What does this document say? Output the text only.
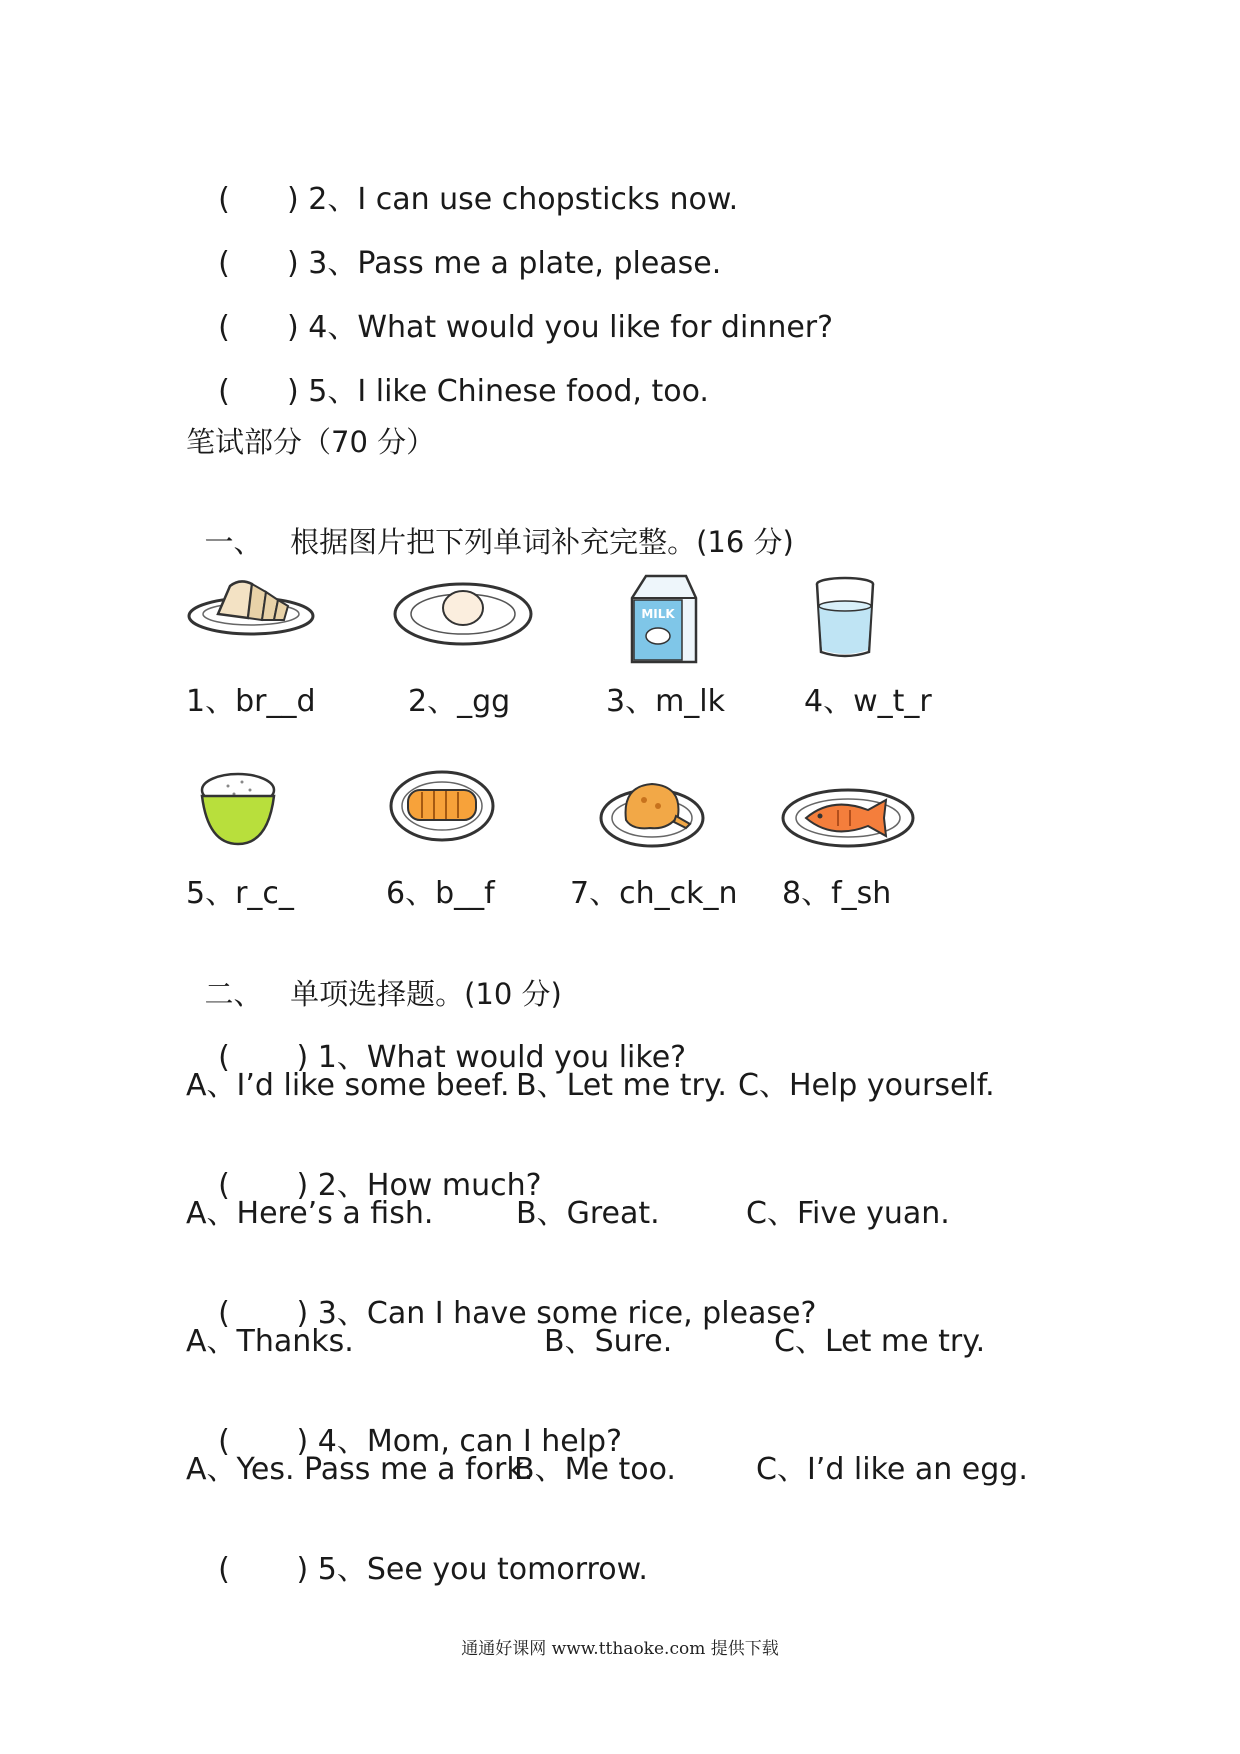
(      ) 2、I can use chopsticks now.

(      ) 3、Pass me a plate, please.

(      ) 4、What would you like for dinner?

(      ) 5、I like Chinese food, too.

笔试部分（70 分）

一、 根据图片把下列单词补充完整。(16 分)

MILK
1、br__d	2、_gg	3、m_lk	4、w_t_r
5、r_c_	6、b__f	7、ch_ck_n 8、f_sh

二、 单项选择题。(10 分)

(       ) 1、What would you like?

A、I’d like some beef. B、Let me try. C、Help yourself.

(       ) 2、How much?

A、Here’s a fish.	B、Great.	C、Five yuan.

(       ) 3、Can I have some rice, please?

A、Thanks.	B、Sure.	C、Let me try.

(       ) 4、Mom, can I help?

A、Yes. Pass me a fork.
B、Me too.	C、I’d like an egg.

(       ) 5、See you tomorrow.

通通好课网 www.tthaoke.com 提供下载
